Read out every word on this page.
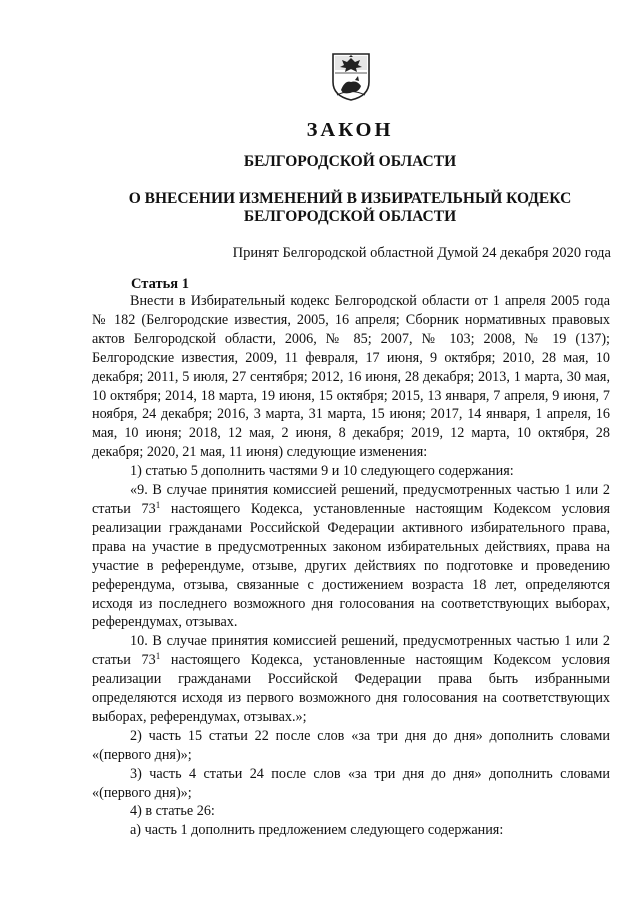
ЗАКОН
БЕЛГОРОДСКОЙ ОБЛАСТИ
О ВНЕСЕНИИ ИЗМЕНЕНИЙ В ИЗБИРАТЕЛЬНЫЙ КОДЕКС
БЕЛГОРОДСКОЙ ОБЛАСТИ
Принят Белгородской областной Думой 24 декабря 2020 года
Статья 1

Внести в Избирательный кодекс Белгородской области от 1 апреля 2005 года № 182 (Белгородские известия, 2005, 16 апреля; Сборник нормативных правовых актов Белгородской области, 2006, № 85; 2007, № 103; 2008, № 19 (137); Белгородские известия, 2009, 11 февраля, 17 июня, 9 октября; 2010, 28 мая, 10 декабря; 2011, 5 июля, 27 сентября; 2012, 16 июня, 28 декабря; 2013, 1 марта, 30 мая, 10 октября; 2014, 18 марта, 19 июня, 15 октября; 2015, 13 января, 7 апреля, 9 июня, 7 ноября, 24 декабря; 2016, 3 марта, 31 марта, 15 июня; 2017, 14 января, 1 апреля, 16 мая, 10 июня; 2018, 12 мая, 2 июня, 8 декабря; 2019, 12 марта, 10 октября, 28 декабря; 2020, 21 мая, 11 июня) следующие изменения:

1) статью 5 дополнить частями 9 и 10 следующего содержания:

«9. В случае принятия комиссией решений, предусмотренных частью 1 или 2 статьи $73^1$ настоящего Кодекса, установленные настоящим Кодексом условия реализации гражданами Российской Федерации активного избирательного права, права на участие в предусмотренных законом избирательных действиях, права на участие в референдуме, отзыве, других действиях по подготовке и проведению референдума, отзыва, связанные с достижением возраста 18 лет, определяются исходя из последнего возможного дня голосования на соответствующих выборах, референдумах, отзывах.

10. В случае принятия комиссией решений, предусмотренных частью 1 или 2 статьи $73^1$ настоящего Кодекса, установленные настоящим Кодексом условия реализации гражданами Российской Федерации права быть избранными определяются исходя из первого возможного дня голосования на соответствующих выборах, референдумах, отзывах.»;

2) часть 15 статьи 22 после слов «за три дня до дня» дополнить словами «(первого дня)»;

3) часть 4 статьи 24 после слов «за три дня до дня» дополнить словами «(первого дня)»;

4) в статье 26:

а) часть 1 дополнить предложением следующего содержания:
